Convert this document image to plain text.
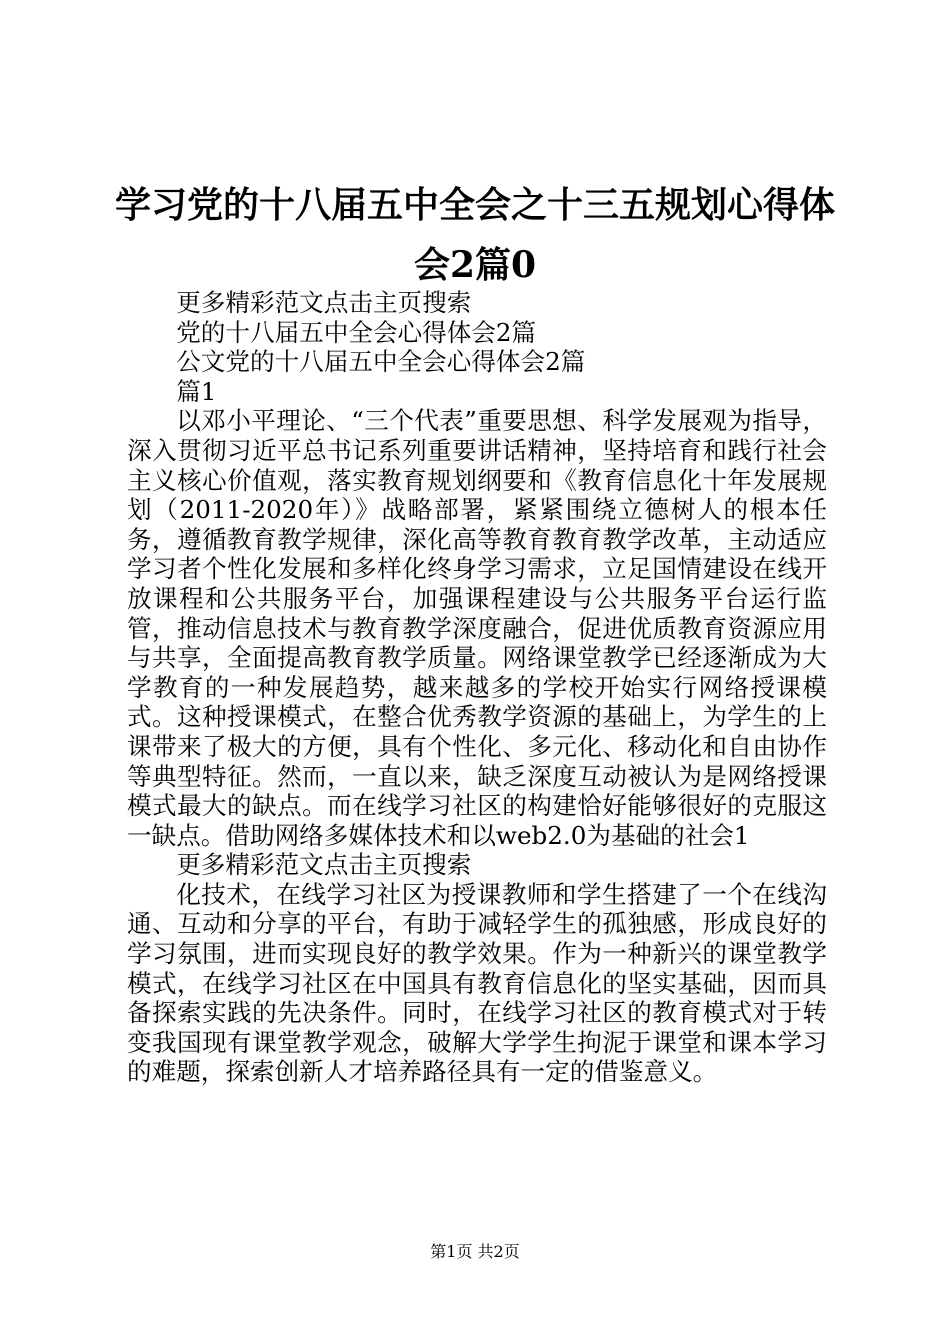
学习党的十八届五中全会之十三五规划心得体
会2篇0

更多精彩范文点击主页搜索

党的十八届五中全会心得体会2篇

公文党的十八届五中全会心得体会2篇

篇1

以邓小平理论、“三个代表”重要思想、科学发展观为指导，深入贯彻习近平总书记系列重要讲话精神，坚持培育和践行社会主义核心价值观，落实教育规划纲要和《教育信息化十年发展规划（2011-2020年）》战略部署，紧紧围绕立德树人的根本任务，遵循教育教学规律，深化高等教育教育教学改革，主动适应学习者个性化发展和多样化终身学习需求，立足国情建设在线开放课程和公共服务平台，加强课程建设与公共服务平台运行监管，推动信息技术与教育教学深度融合，促进优质教育资源应用与共享，全面提高教育教学质量。网络课堂教学已经逐渐成为大学教育的一种发展趋势，越来越多的学校开始实行网络授课模式。这种授课模式，在整合优秀教学资源的基础上，为学生的上课带来了极大的方便，具有个性化、多元化、移动化和自由协作等典型特征。然而，一直以来，缺乏深度互动被认为是网络授课模式最大的缺点。而在线学习社区的构建恰好能够很好的克服这一缺点。借助网络多媒体技术和以web2.0为基础的社会1

更多精彩范文点击主页搜索

化技术，在线学习社区为授课教师和学生搭建了一个在线沟通、互动和分享的平台，有助于减轻学生的孤独感，形成良好的学习氛围，进而实现良好的教学效果。作为一种新兴的课堂教学模式，在线学习社区在中国具有教育信息化的坚实基础，因而具备探索实践的先决条件。同时，在线学习社区的教育模式对于转变我国现有课堂教学观念，破解大学学生拘泥于课堂和课本学习的难题，探索创新人才培养路径具有一定的借鉴意义。

第1页 共2页
